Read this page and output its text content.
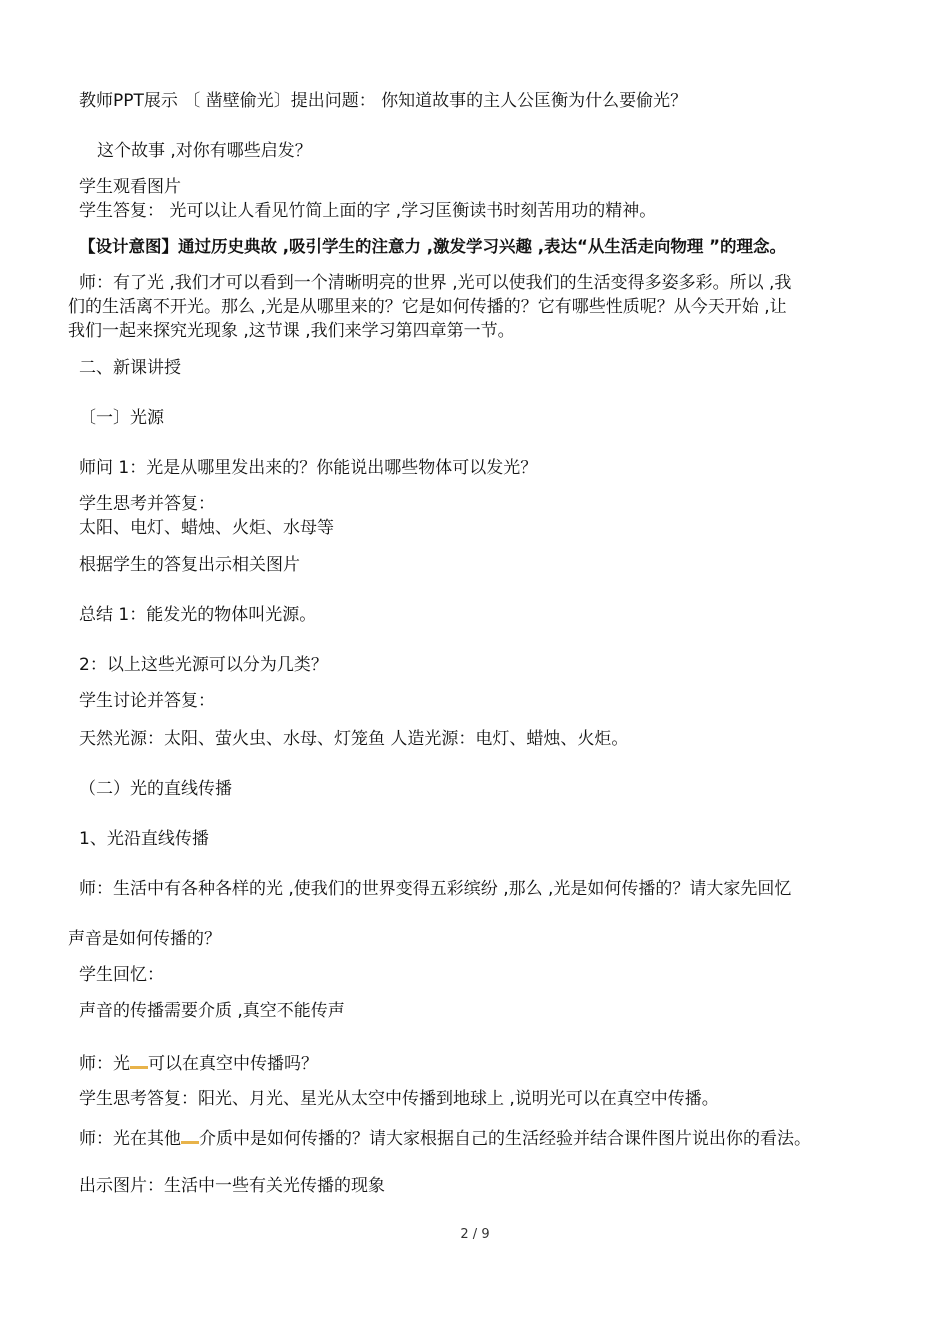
教师PPT展示 〔 凿壁偷光〕提出问题： 你知道故事的主人公匡衡为什么要偷光？
这个故事 ,对你有哪些启发？
学生观看图片
学生答复： 光可以让人看见竹简上面的字 ,学习匡衡读书时刻苦用功的精神。
【设计意图】通过历史典故 ,吸引学生的注意力 ,激发学习兴趣 ,表达“从生活走向物理 ”的理念。
师：有了光 ,我们才可以看到一个清晰明亮的世界 ,光可以使我们的生活变得多姿多彩。所以 ,我
们的生活离不开光。那么 ,光是从哪里来的？它是如何传播的？它有哪些性质呢？从今天开始 ,让
我们一起来探究光现象 ,这节课 ,我们来学习第四章第一节。
二、新课讲授
〔一〕光源
师问 1：光是从哪里发出来的？你能说出哪些物体可以发光？
学生思考并答复：
太阳、电灯、蜡烛、火炬、水母等
根据学生的答复出示相关图片
总结 1：能发光的物体叫光源。
2：以上这些光源可以分为几类？
学生讨论并答复：
天然光源：太阳、萤火虫、水母、灯笼鱼 人造光源：电灯、蜡烛、火炬。
（二）光的直线传播
1、光沿直线传播
师：生活中有各种各样的光 ,使我们的世界变得五彩缤纷 ,那么 ,光是如何传播的？请大家先回忆
声音是如何传播的？
学生回忆：
声音的传播需要介质 ,真空不能传声
师：光 可以在真空中传播吗？
学生思考答复：阳光、月光、星光从太空中传播到地球上 ,说明光可以在真空中传播。
师：光在其他 介质中是如何传播的？请大家根据自己的生活经验并结合课件图片说出你的看法。
出示图片：生活中一些有关光传播的现象
2 / 9
